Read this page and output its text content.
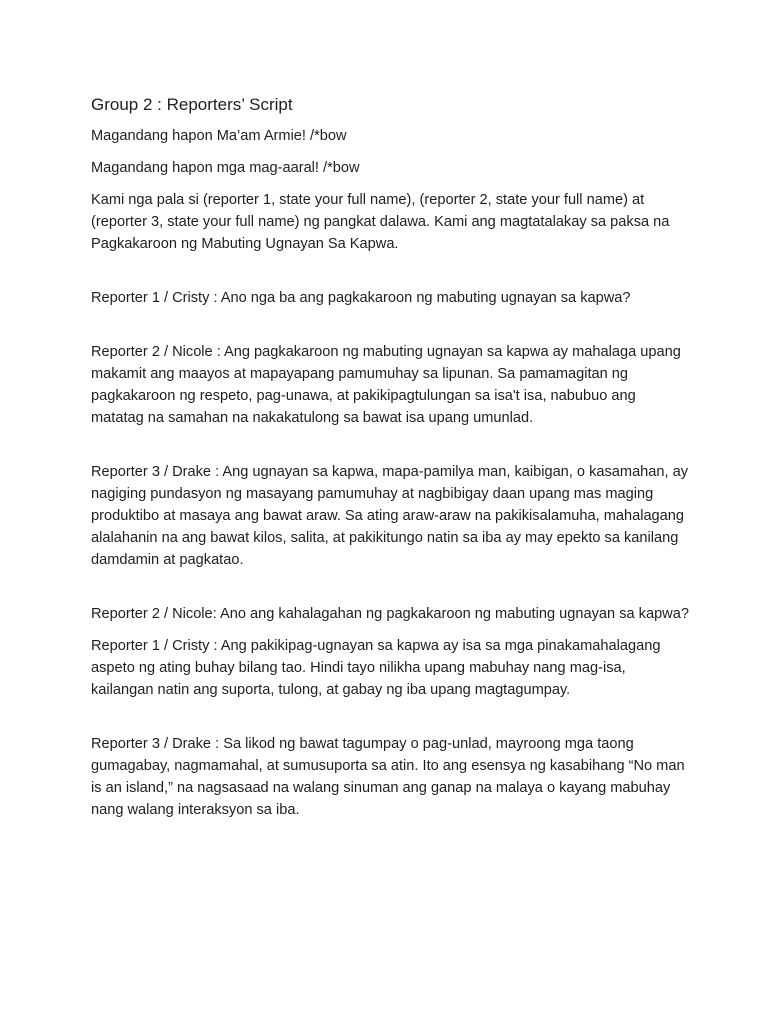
Group 2 : Reporters’ Script

Magandang hapon Ma’am Armie! /*bow

Magandang hapon mga mag-aaral! /*bow

Kami nga pala si (reporter 1, state your full name), (reporter 2, state your full name) at (reporter 3, state your full name) ng pangkat dalawa. Kami ang magtatalakay sa paksa na Pagkakaroon ng Mabuting Ugnayan Sa Kapwa.

Reporter 1 / Cristy : Ano nga ba ang pagkakaroon ng mabuting ugnayan sa kapwa?

Reporter 2 / Nicole : Ang pagkakaroon ng mabuting ugnayan sa kapwa ay mahalaga upang makamit ang maayos at mapayapang pamumuhay sa lipunan. Sa pamamagitan ng pagkakaroon ng respeto, pag-unawa, at pakikipagtulungan sa isa't isa, nabubuo ang matatag na samahan na nakakatulong sa bawat isa upang umunlad.

Reporter 3 / Drake : Ang ugnayan sa kapwa, mapa-pamilya man, kaibigan, o kasamahan, ay nagiging pundasyon ng masayang pamumuhay at nagbibigay daan upang mas maging produktibo at masaya ang bawat araw. Sa ating araw-araw na pakikisalamuha, mahalagang alalahanin na ang bawat kilos, salita, at pakikitungo natin sa iba ay may epekto sa kanilang damdamin at pagkatao.

Reporter 2 / Nicole: Ano ang kahalagahan ng pagkakaroon ng mabuting ugnayan sa kapwa?

Reporter 1 / Cristy : Ang pakikipag-ugnayan sa kapwa ay isa sa mga pinakamahalagang aspeto ng ating buhay bilang tao. Hindi tayo nilikha upang mabuhay nang mag-isa, kailangan natin ang suporta, tulong, at gabay ng iba upang magtagumpay.

Reporter 3 / Drake : Sa likod ng bawat tagumpay o pag-unlad, mayroong mga taong gumagabay, nagmamahal, at sumusuporta sa atin. Ito ang esensya ng kasabihang “No man is an island,” na nagsasaad na walang sinuman ang ganap na malaya o kayang mabuhay nang walang interaksyon sa iba.
